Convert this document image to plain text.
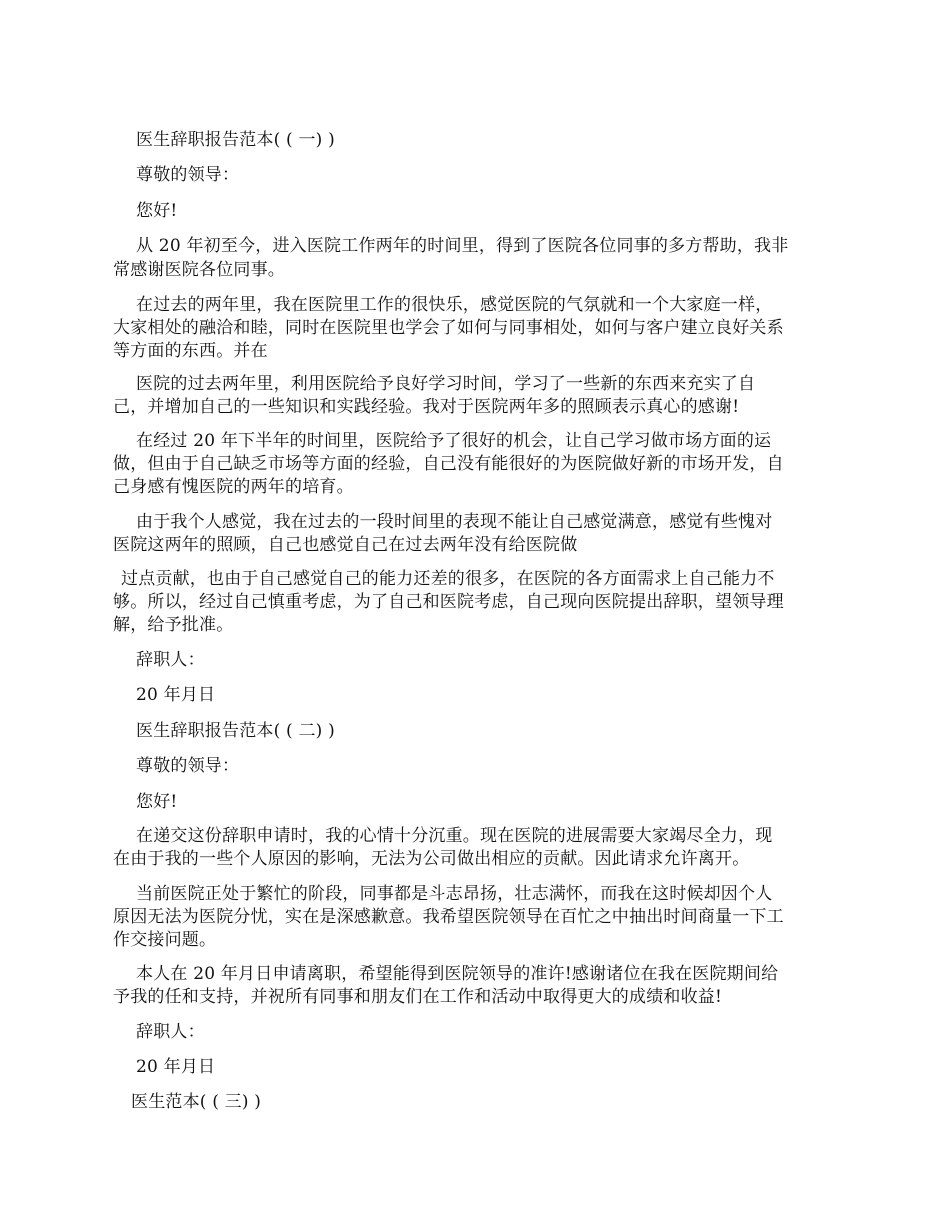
医生辞职报告范本( ( 一) )
尊敬的领导：
您好!
从 20 年初至今，进入医院工作两年的时间里，得到了医院各位同事的多方帮助，我非
常感谢医院各位同事。
在过去的两年里，我在医院里工作的很快乐，感觉医院的气氛就和一个大家庭一样，
大家相处的融洽和睦，同时在医院里也学会了如何与同事相处，如何与客户建立良好关系
等方面的东西。并在
医院的过去两年里，利用医院给予良好学习时间，学习了一些新的东西来充实了自
己，并增加自己的一些知识和实践经验。我对于医院两年多的照顾表示真心的感谢!
在经过 20 年下半年的时间里，医院给予了很好的机会，让自己学习做市场方面的运
做，但由于自己缺乏市场等方面的经验，自己没有能很好的为医院做好新的市场开发，自
己身感有愧医院的两年的培育。
由于我个人感觉，我在过去的一段时间里的表现不能让自己感觉满意，感觉有些愧对
医院这两年的照顾，自己也感觉自己在过去两年没有给医院做
过点贡献，也由于自己感觉自己的能力还差的很多，在医院的各方面需求上自己能力不
够。所以，经过自己慎重考虑，为了自己和医院考虑，自己现向医院提出辞职，望领导理
解，给予批准。
辞职人：
20 年月日
医生辞职报告范本( ( 二) )
尊敬的领导：
您好!
在递交这份辞职申请时，我的心情十分沉重。现在医院的进展需要大家竭尽全力，现
在由于我的一些个人原因的影响，无法为公司做出相应的贡献。因此请求允许离开。
当前医院正处于繁忙的阶段，同事都是斗志昂扬，壮志满怀，而我在这时候却因个人
原因无法为医院分忧，实在是深感歉意。我希望医院领导在百忙之中抽出时间商量一下工
作交接问题。
本人在 20 年月日申请离职，希望能得到医院领导的准许!感谢诸位在我在医院期间给
予我的任和支持，并祝所有同事和朋友们在工作和活动中取得更大的成绩和收益!
辞职人：
20 年月日
医生范本( ( 三) )
